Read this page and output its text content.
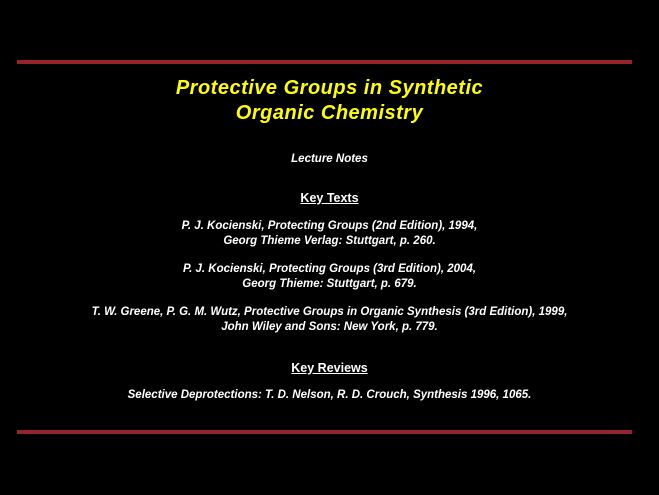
Protective Groups in Synthetic
Organic Chemistry
Lecture Notes
Key Texts
P. J. Kocienski, Protecting Groups (2nd Edition), 1994,
Georg Thieme Verlag: Stuttgart, p. 260.
P. J. Kocienski, Protecting Groups (3rd Edition), 2004,
Georg Thieme: Stuttgart, p. 679.
T. W. Greene, P. G. M. Wutz, Protective Groups in Organic Synthesis (3rd Edition), 1999,
John Wiley and Sons: New York, p. 779.
Key Reviews
Selective Deprotections: T. D. Nelson, R. D. Crouch, Synthesis 1996, 1065.
